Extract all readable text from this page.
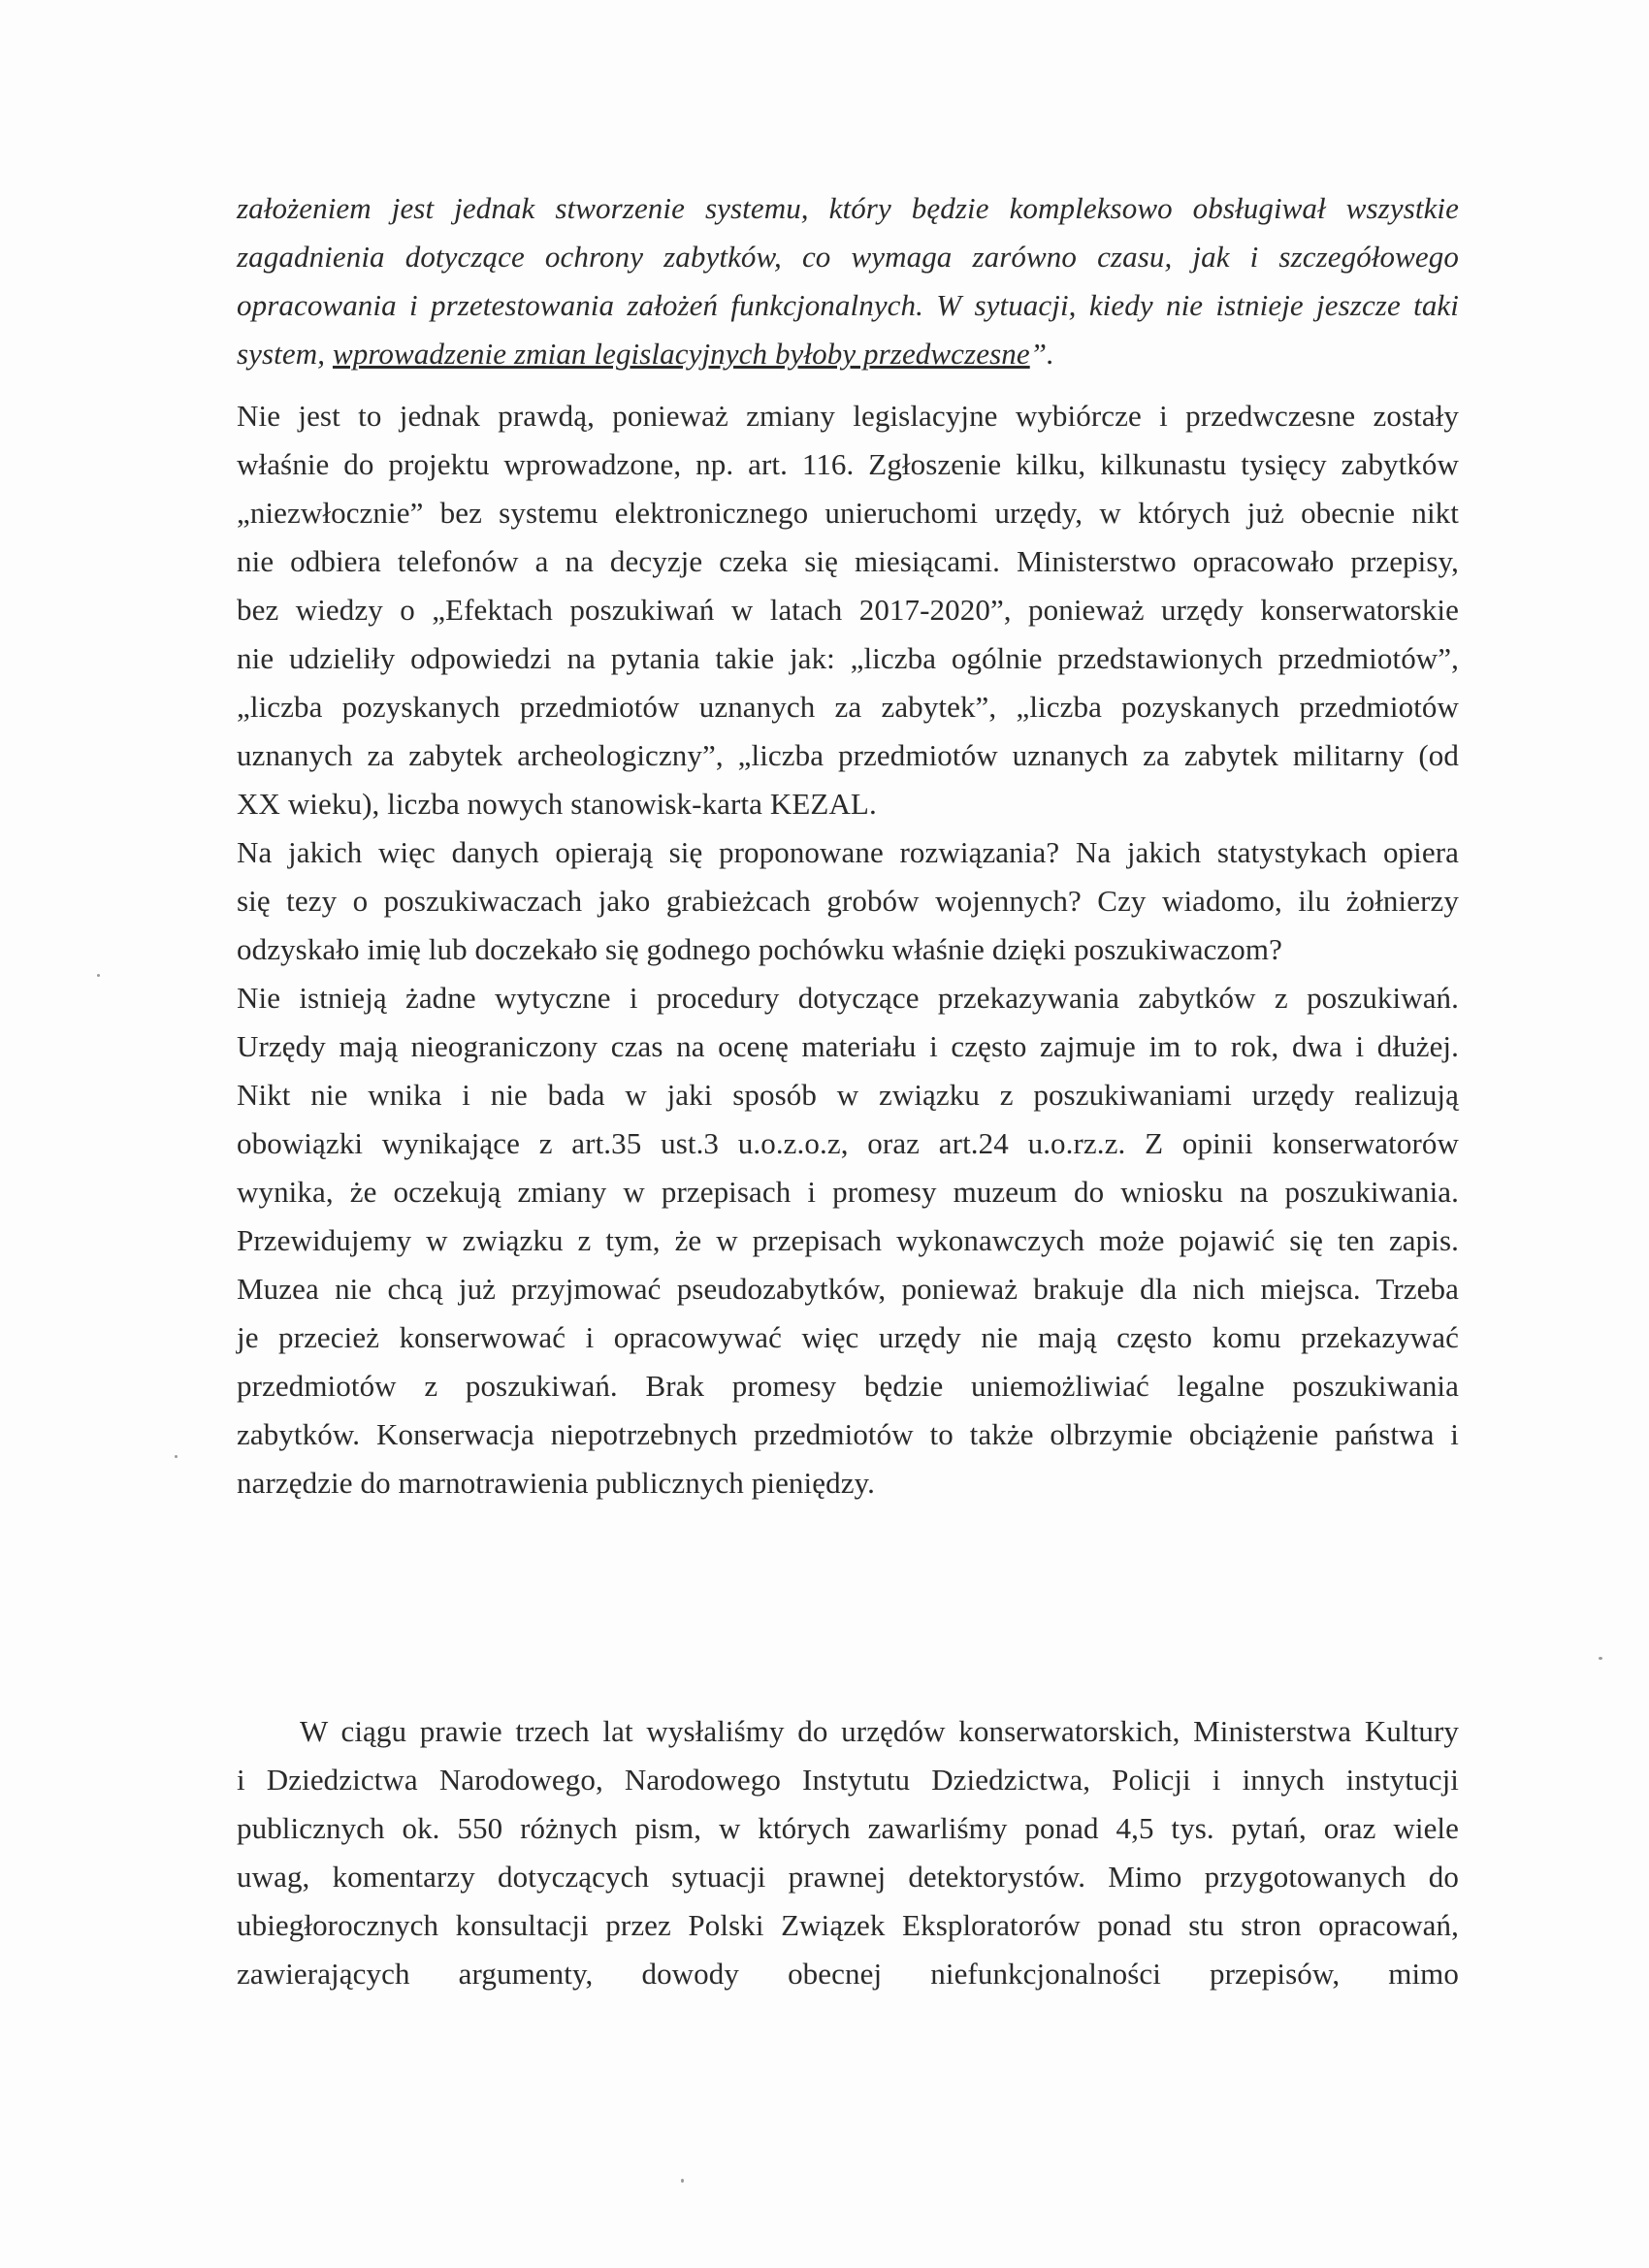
założeniem jest jednak stworzenie systemu, który będzie kompleksowo obsługiwał wszystkie
zagadnienia dotyczące ochrony zabytków, co wymaga zarówno czasu, jak i szczegółowego
opracowania i przetestowania założeń funkcjonalnych. W sytuacji, kiedy nie istnieje jeszcze taki
system, wprowadzenie zmian legislacyjnych byłoby przedwczesne”.
Nie jest to jednak prawdą, ponieważ zmiany legislacyjne wybiórcze i przedwczesne zostały
właśnie do projektu wprowadzone, np. art. 116. Zgłoszenie kilku, kilkunastu tysięcy zabytków
„niezwłocznie” bez systemu elektronicznego unieruchomi urzędy, w których już obecnie nikt
nie odbiera telefonów a na decyzje czeka się miesiącami. Ministerstwo opracowało przepisy,
bez wiedzy o „Efektach poszukiwań w latach 2017-2020”, ponieważ urzędy konserwatorskie
nie udzieliły odpowiedzi na pytania takie jak: „liczba ogólnie przedstawionych przedmiotów”,
„liczba pozyskanych przedmiotów uznanych za zabytek”, „liczba pozyskanych przedmiotów
uznanych za zabytek archeologiczny”, „liczba przedmiotów uznanych za zabytek militarny (od
XX wieku), liczba nowych stanowisk-karta KEZAL.
Na jakich więc danych opierają się proponowane rozwiązania? Na jakich statystykach opiera
się tezy o poszukiwaczach jako grabieżcach grobów wojennych? Czy wiadomo, ilu żołnierzy
odzyskało imię lub doczekało się godnego pochówku właśnie dzięki poszukiwaczom?
Nie istnieją żadne wytyczne i procedury dotyczące przekazywania zabytków z poszukiwań.
Urzędy mają nieograniczony czas na ocenę materiału i często zajmuje im to rok, dwa i dłużej.
Nikt nie wnika i nie bada w jaki sposób w związku z poszukiwaniami urzędy realizują
obowiązki wynikające z art.35 ust.3 u.o.z.o.z, oraz art.24 u.o.rz.z. Z opinii konserwatorów
wynika, że oczekują zmiany w przepisach i promesy muzeum do wniosku na poszukiwania.
Przewidujemy w związku z tym, że w przepisach wykonawczych może pojawić się ten zapis.
Muzea nie chcą już przyjmować pseudozabytków, ponieważ brakuje dla nich miejsca. Trzeba
je przecież konserwować i opracowywać więc urzędy nie mają często komu przekazywać
przedmiotów z poszukiwań. Brak promesy będzie uniemożliwiać legalne poszukiwania
zabytków. Konserwacja niepotrzebnych przedmiotów to także olbrzymie obciążenie państwa i
narzędzie do marnotrawienia publicznych pieniędzy.
W ciągu prawie trzech lat wysłaliśmy do urzędów konserwatorskich, Ministerstwa Kultury
i Dziedzictwa Narodowego, Narodowego Instytutu Dziedzictwa, Policji i innych instytucji
publicznych ok. 550 różnych pism, w których zawarliśmy ponad 4,5 tys. pytań, oraz wiele
uwag, komentarzy dotyczących sytuacji prawnej detektorystów. Mimo przygotowanych do
ubiegłorocznych konsultacji przez Polski Związek Eksploratorów ponad stu stron opracowań,
zawierających argumenty, dowody obecnej niefunkcjonalności przepisów, mimo
